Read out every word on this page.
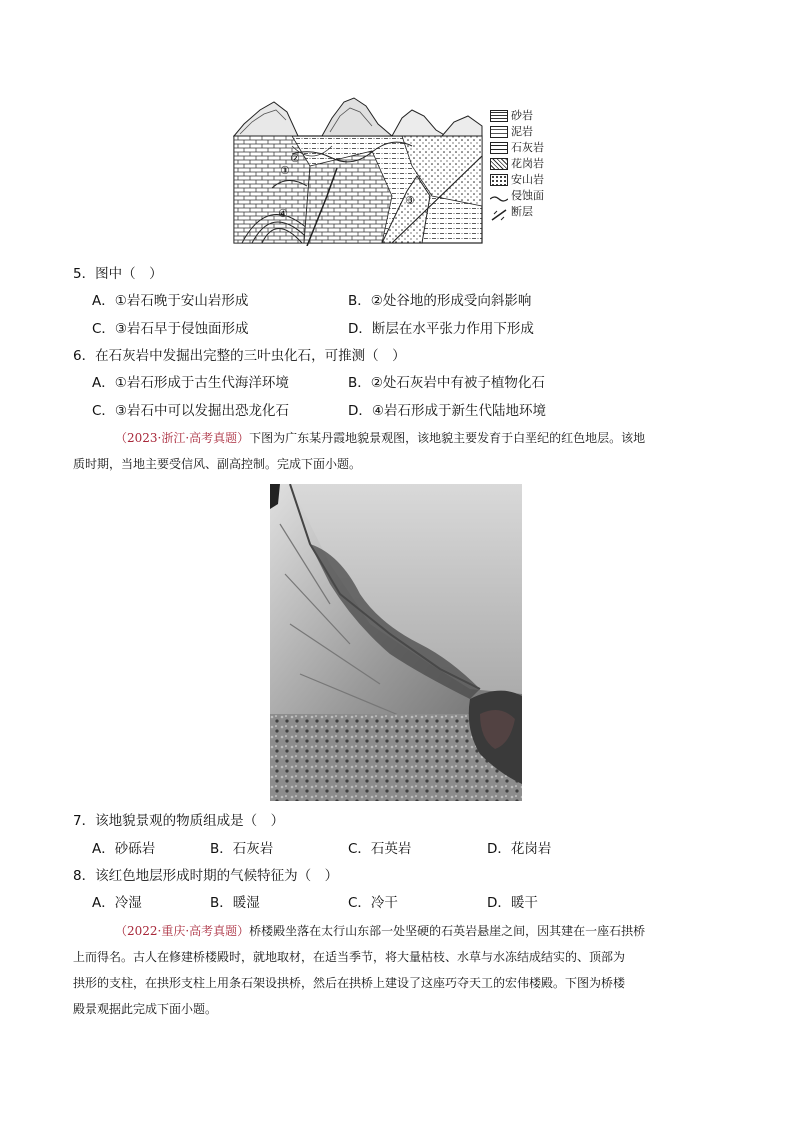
①
②
③
④
砂岩
泥岩
石灰岩
花岗岩
安山岩
侵蚀面
断层
5．图中（　）
A．①岩石晚于安山岩形成	B．②处谷地的形成受向斜影响
C．③岩石早于侵蚀面形成	D．断层在水平张力作用下形成
6．在石灰岩中发掘出完整的三叶虫化石，可推测（　）
A．①岩石形成于古生代海洋环境	B．②处石灰岩中有被子植物化石
C．③岩石中可以发掘出恐龙化石	D．④岩石形成于新生代陆地环境
（2023·浙江·高考真题）下图为广东某丹霞地貌景观图，该地貌主要发育于白垩纪的红色地层。该地
质时期，当地主要受信风、副高控制。完成下面小题。
7．该地貌景观的物质组成是（　）
A．砂砾岩	B．石灰岩	C．石英岩	D．花岗岩
8．该红色地层形成时期的气候特征为（　）
A．冷湿	B．暖湿	C．冷干	D．暖干
（2022·重庆·高考真题）桥楼殿坐落在太行山东部一处坚硬的石英岩悬崖之间，因其建在一座石拱桥
上而得名。古人在修建桥楼殿时，就地取材，在适当季节，将大量枯枝、水草与水冻结成结实的、顶部为
拱形的支柱，在拱形支柱上用条石架设拱桥，然后在拱桥上建设了这座巧夺天工的宏伟楼殿。下图为桥楼
殿景观据此完成下面小题。
